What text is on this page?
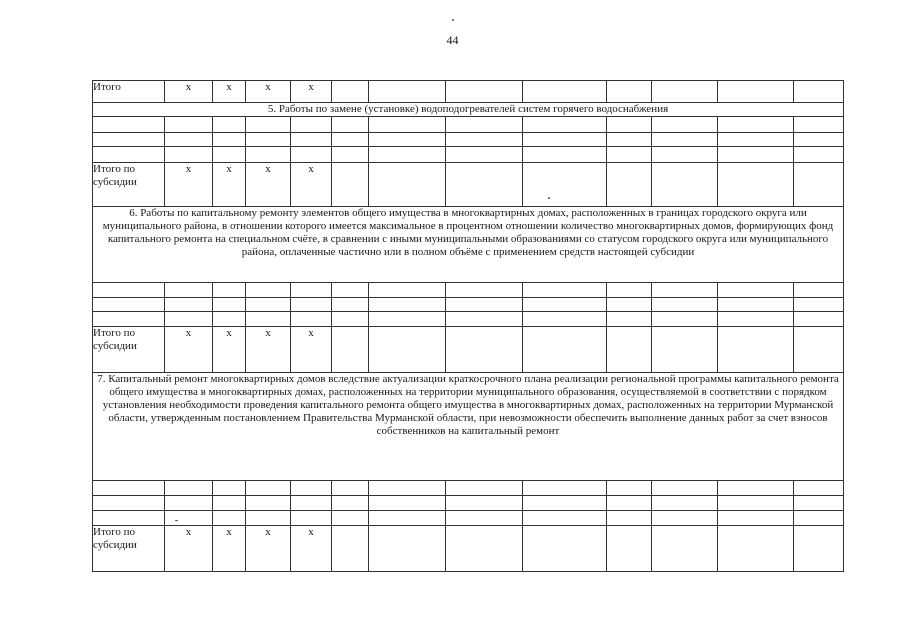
44
Итого	x	x	x	x								
5. Работы по замене (установке) водоподогревателей систем горячего водоснабжения												

Итого по субсидии	x	x	x	x								
6. Работы по капитальному ремонту элементов общего имущества в многоквартирных домах, расположенных в границах городского округа или муниципального района, в отношении которого имеется максимальное в процентном отношении количество многоквартирных домов, формирующих фонд капитального ремонта на специальном счёте, в сравнении с иными муниципальными образованиями со статусом городского округа или муниципального района, оплаченные частично или в полном объёме с применением средств настоящей субсидии												

Итого по субсидии	x	x	x	x								
7. Капитальный ремонт многоквартирных домов вследствие актуализации краткосрочного плана реализации региональной программы капитального ремонта общего имущества в многоквартирных домах, расположенных на территории муниципального образования, осуществляемой в соответствии с порядком установления необходимости проведения капитального ремонта общего имущества в многоквартирных домах, расположенных на территории Мурманской области, утвержденным постановлением Правительства Мурманской области, при невозможности обеспечить выполнение данных работ за счет взносов собственников на капитальный ремонт												

Итого по субсидии	x	x	x	x								
